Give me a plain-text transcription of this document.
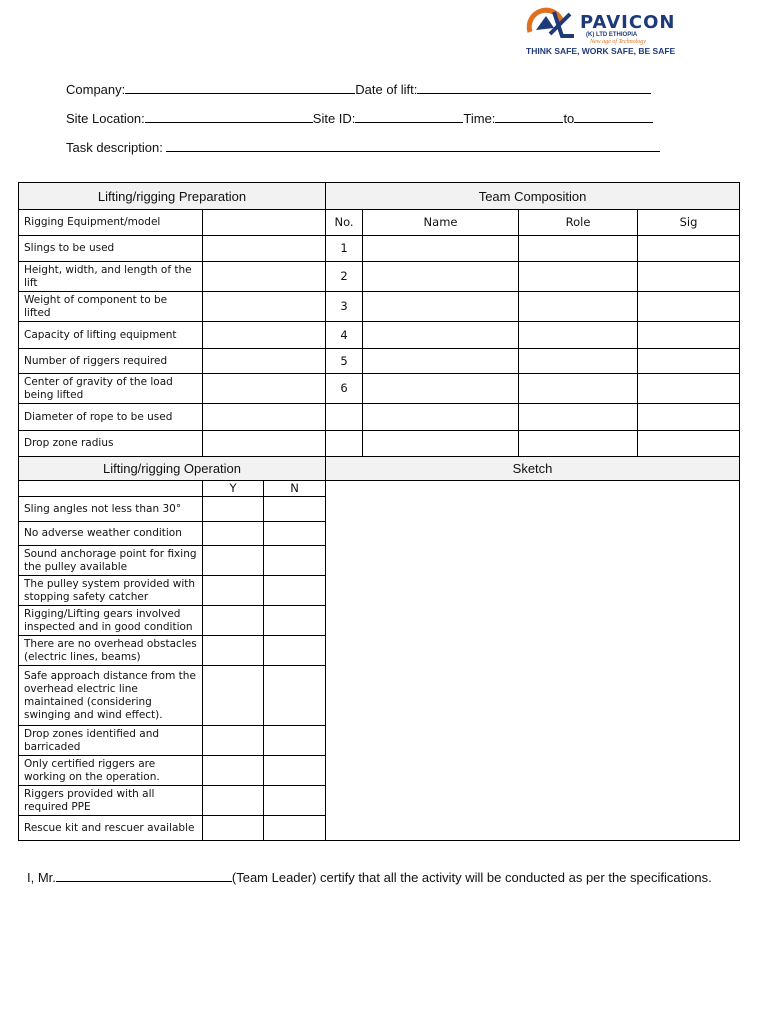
PAVICON
(K) LTD ETHIOPIA
New age of Technology
THINK SAFE, WORK SAFE, BE SAFE
Company:	Date of lift:
Site Location:	Site ID:	Time:	to
Task description:
Lifting/rigging Preparation			Team Composition			
Rigging Equipment/model			No.	Name	Role	Sig
Slings to be used			1			
Height, width, and length of the lift			2			
Weight of component to be lifted			3			
Capacity of lifting equipment			4			
Number of riggers required			5			
Center of gravity of the load being lifted			6			
Diameter of rope to be used						
Drop zone radius						
Lifting/rigging Operation			Sketch			
	Y	N				
Sling angles not less than 30°						
No adverse weather condition						
Sound anchorage point for fixing the pulley available						
The pulley system provided with stopping safety catcher						
Rigging/Lifting gears involved inspected and in good condition						
There are no overhead obstacles (electric lines, beams)						
Safe approach distance from the overhead electric line maintained (considering swinging and wind effect).						
Drop zones identified and barricaded						
Only certified riggers are working on the operation.						
Riggers provided with all required PPE						
Rescue kit and rescuer available						
I, Mr.	(Team Leader) certify that all the activity will be conducted as per the specifications.
